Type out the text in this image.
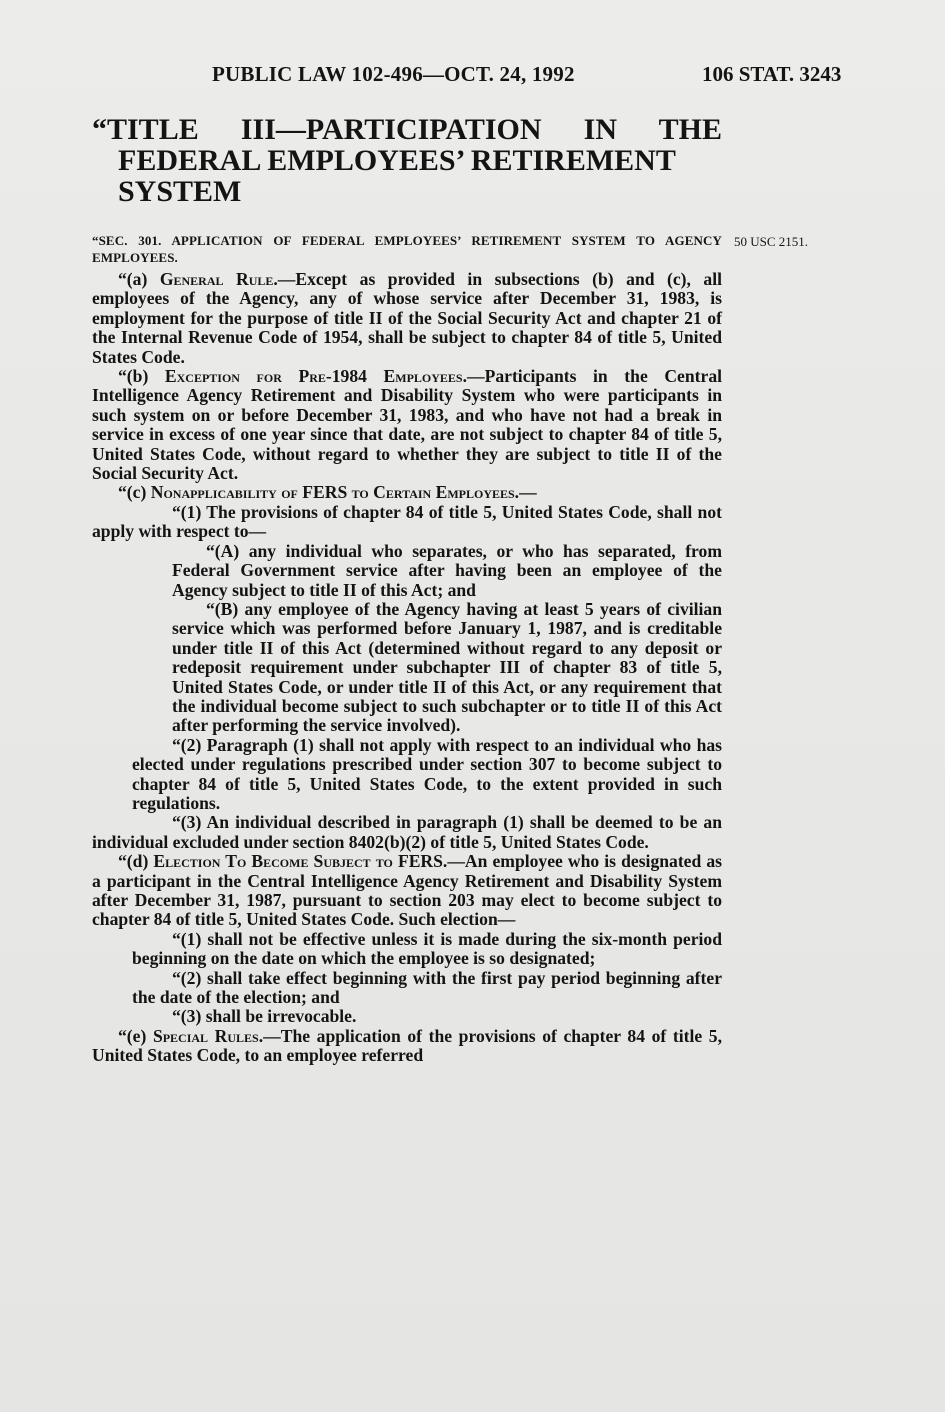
PUBLIC LAW 102-496—OCT. 24, 1992	106 STAT. 3243
“TITLE III—PARTICIPATION IN THE
FEDERAL EMPLOYEES’ RETIREMENT
SYSTEM
“SEC. 301. APPLICATION OF FEDERAL EMPLOYEES’ RETIREMENT SYSTEM TO AGENCY EMPLOYEES.
50 USC 2151.

“(a) General Rule.—Except as provided in subsections (b) and (c), all employees of the Agency, any of whose service after December 31, 1983, is employment for the purpose of title II of the Social Security Act and chapter 21 of the Internal Revenue Code of 1954, shall be subject to chapter 84 of title 5, United States Code.

“(b) Exception for Pre-1984 Employees.—Participants in the Central Intelligence Agency Retirement and Disability System who were participants in such system on or before December 31, 1983, and who have not had a break in service in excess of one year since that date, are not subject to chapter 84 of title 5, United States Code, without regard to whether they are subject to title II of the Social Security Act.

“(c) Nonapplicability of FERS to Certain Employees.—

“(1) The provisions of chapter 84 of title 5, United States Code, shall not apply with respect to—

“(A) any individual who separates, or who has separated, from Federal Government service after having been an employee of the Agency subject to title II of this Act; and

“(B) any employee of the Agency having at least 5 years of civilian service which was performed before January 1, 1987, and is creditable under title II of this Act (determined without regard to any deposit or redeposit requirement under subchapter III of chapter 83 of title 5, United States Code, or under title II of this Act, or any requirement that the individual become subject to such subchapter or to title II of this Act after performing the service involved).

“(2) Paragraph (1) shall not apply with respect to an individual who has elected under regulations prescribed under section 307 to become subject to chapter 84 of title 5, United States Code, to the extent provided in such regulations.

“(3) An individual described in paragraph (1) shall be deemed to be an individual excluded under section 8402(b)(2) of title 5, United States Code.

“(d) Election To Become Subject to FERS.—An employee who is designated as a participant in the Central Intelligence Agency Retirement and Disability System after December 31, 1987, pursuant to section 203 may elect to become subject to chapter 84 of title 5, United States Code. Such election—

“(1) shall not be effective unless it is made during the six-month period beginning on the date on which the employee is so designated;

“(2) shall take effect beginning with the first pay period beginning after the date of the election; and

“(3) shall be irrevocable.

“(e) Special Rules.—The application of the provisions of chapter 84 of title 5, United States Code, to an employee referred
